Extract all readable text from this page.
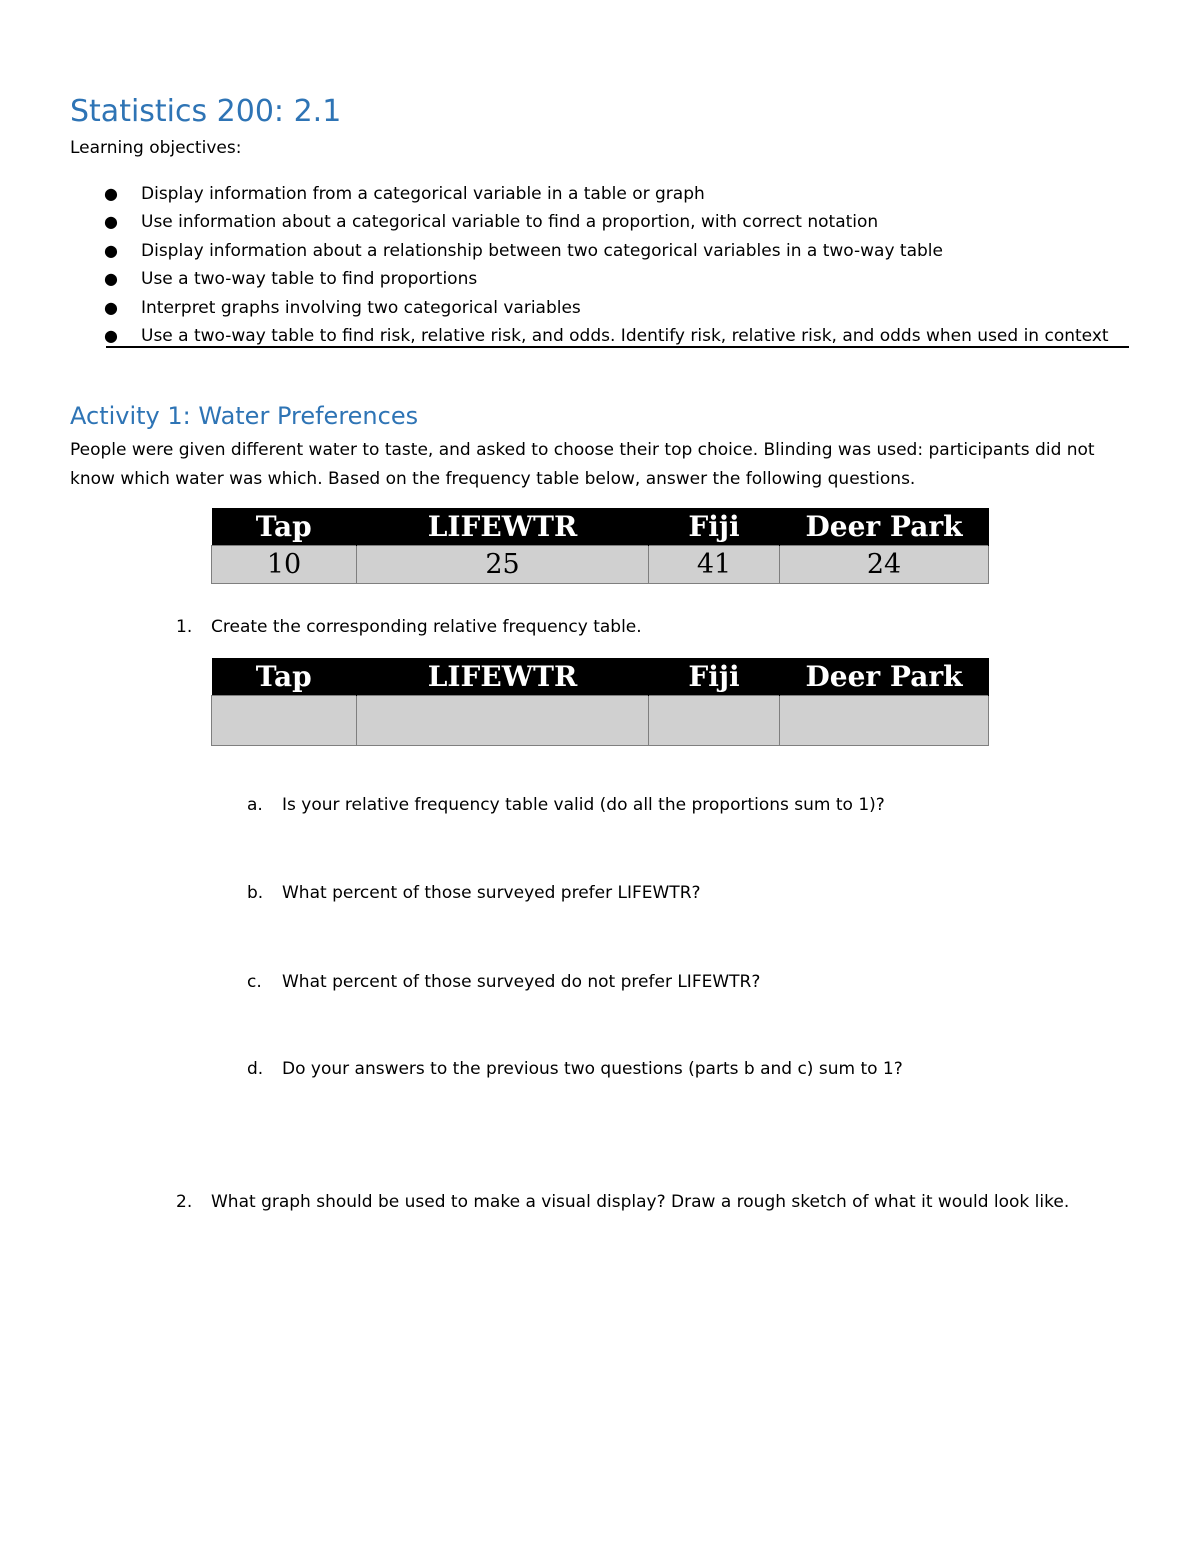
Statistics 200: 2.1
Learning objectives:
● Display information from a categorical variable in a table or graph
● Use information about a categorical variable to find a proportion, with correct notation
● Display information about a relationship between two categorical variables in a two-way table
● Use a two-way table to find proportions
● Interpret graphs involving two categorical variables
● Use a two-way table to find risk, relative risk, and odds. Identify risk, relative risk, and odds when used in context
Activity 1: Water Preferences
People were given different water to taste, and asked to choose their top choice. Blinding was used: participants did not know which water was which. Based on the frequency table below, answer the following questions.
Tap	LIFEWTR	Fiji	Deer Park
10	25	41	24
1. Create the corresponding relative frequency table.
Tap	LIFEWTR	Fiji	Deer Park

a. Is your relative frequency table valid (do all the proportions sum to 1)?
b. What percent of those surveyed prefer LIFEWTR?
c. What percent of those surveyed do not prefer LIFEWTR?
d. Do your answers to the previous two questions (parts b and c) sum to 1?
2. What graph should be used to make a visual display? Draw a rough sketch of what it would look like.
